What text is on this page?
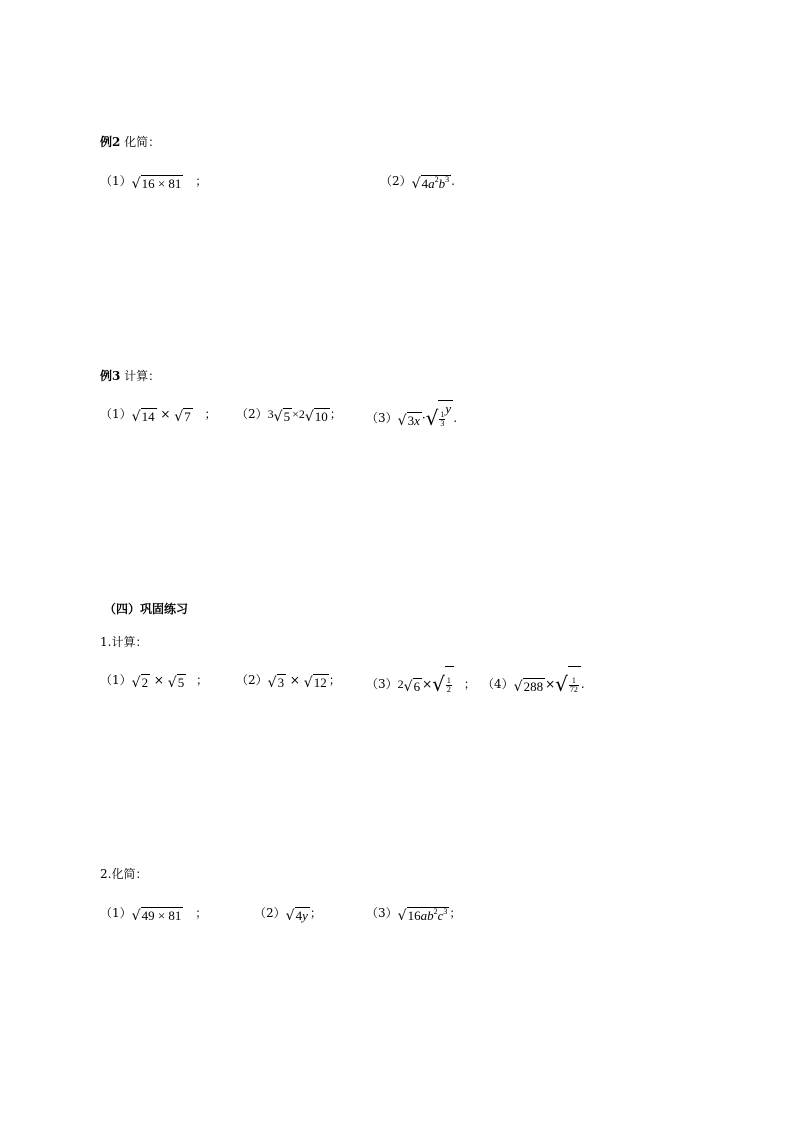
例2 化简：
（1） √ 16 × 81 ；	（2） √ $4a^2b^3$ .
例3 计算：
（1） √ 14 × √ 7 ； （2）3 √ 5 ×2 √ 10 ； （3） √ 3x · √ $\frac{1}{3}$
y
.
（四）巩固练习
1.计算：
（1） √ 2 × √ 5 ； （2） √ 3 × √ 12 ； （3）2 √ 6 × √ $\frac{1}{2}$ ； （4） √ 288 × √ $\frac{1}{72}$ .
2.化简：
（1） √ 49 × 81 ；	（2） √ 4y ；	（3） √ $16ab^2c^3$ ；
